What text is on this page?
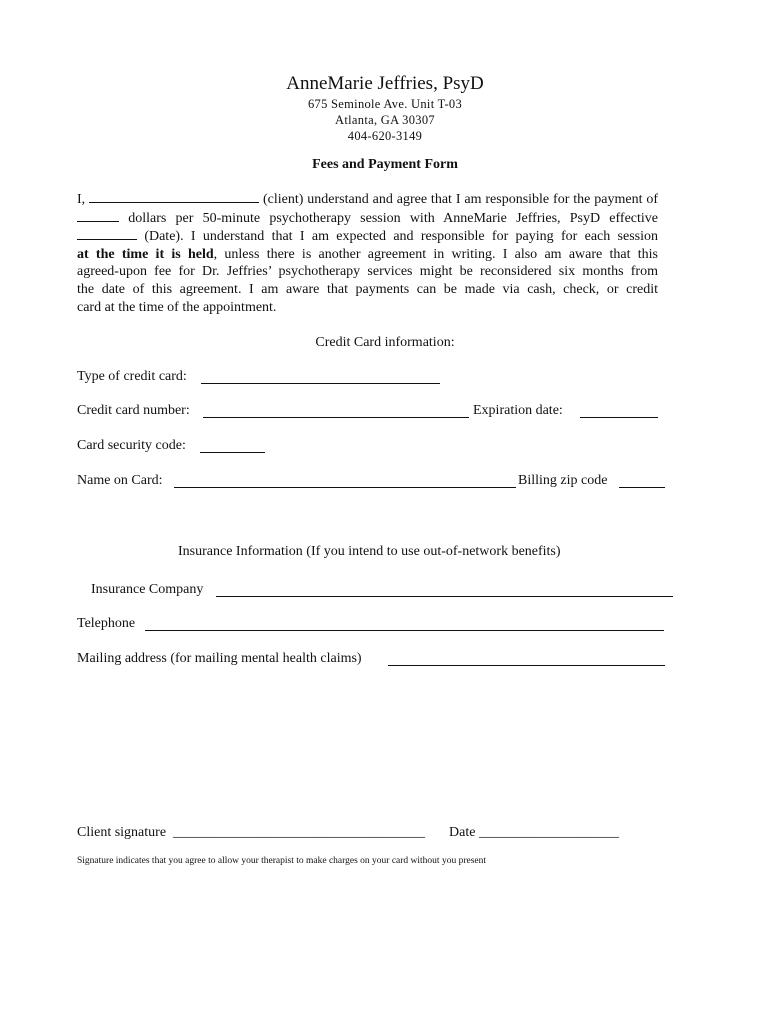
AnneMarie Jeffries, PsyD
675 Seminole Ave. Unit T-03
Atlanta, GA 30307
404-620-3149
Fees and Payment Form
I,	(client) understand and agree that I am responsible for the payment of
dollars per 50-minute psychotherapy session with AnneMarie Jeffries, PsyD effective
(Date). I understand that I am expected and responsible for paying for each session
at the time it is held, unless there is another agreement in writing. I also am aware that this
agreed-upon fee for Dr. Jeffries’ psychotherapy services might be reconsidered six months from
the date of this agreement. I am aware that payments can be made via cash, check, or credit
card at the time of the appointment.
Credit Card information:
Type of credit card:
Credit card number:	Expiration date:
Card security code:
Name on Card:	Billing zip code
Insurance Information (If you intend to use out-of-network benefits)
Insurance Company
Telephone
Mailing address (for mailing mental health claims)
Client signature ____________________________________ Date ____________________
Signature indicates that you agree to allow your therapist to make charges on your card without you present
